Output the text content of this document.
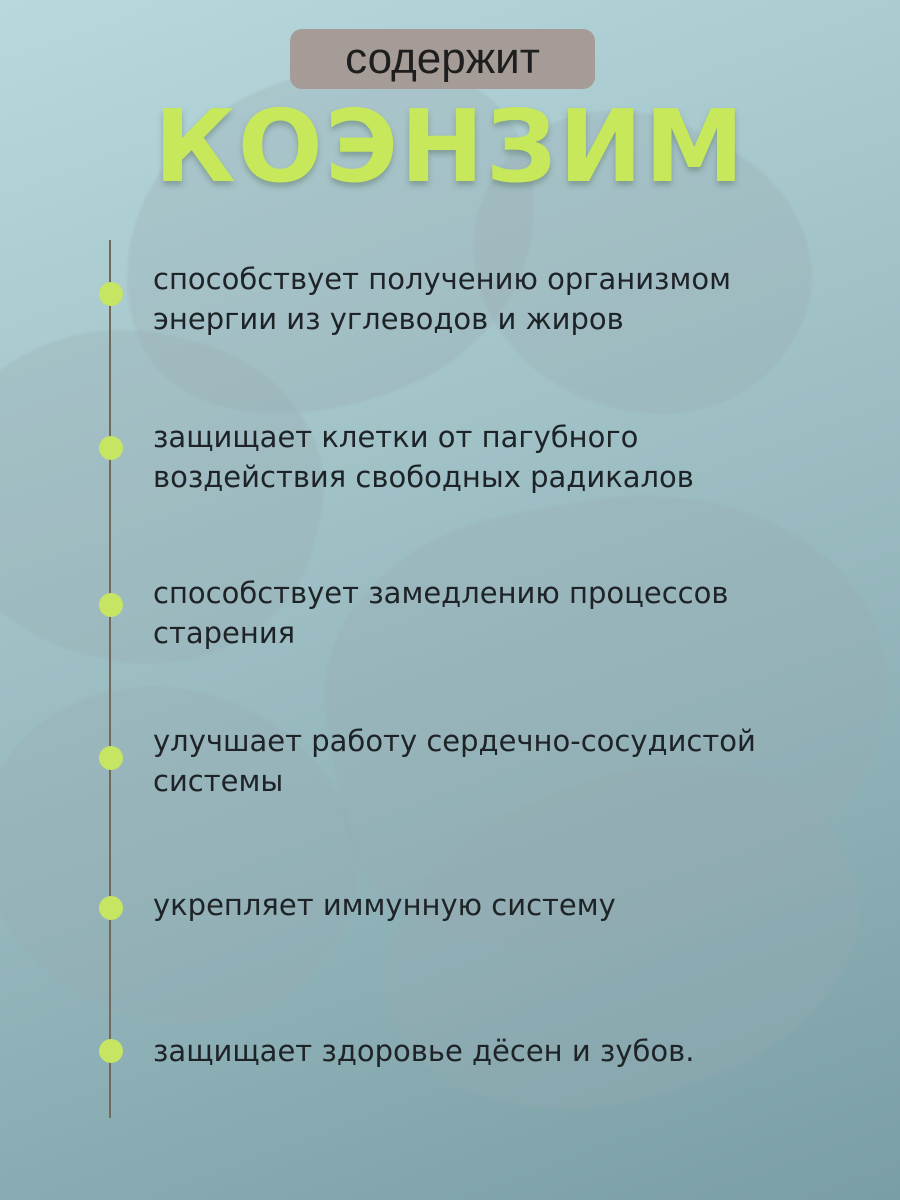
содержит
КОЭНЗИМ
способствует получению организмом энергии из углеводов и жиров
защищает клетки от пагубного воздействия свободных радикалов
способствует замедлению процессов старения
улучшает работу сердечно-сосудистой системы
укрепляет иммунную систему
защищает здоровье дёсен и зубов.
